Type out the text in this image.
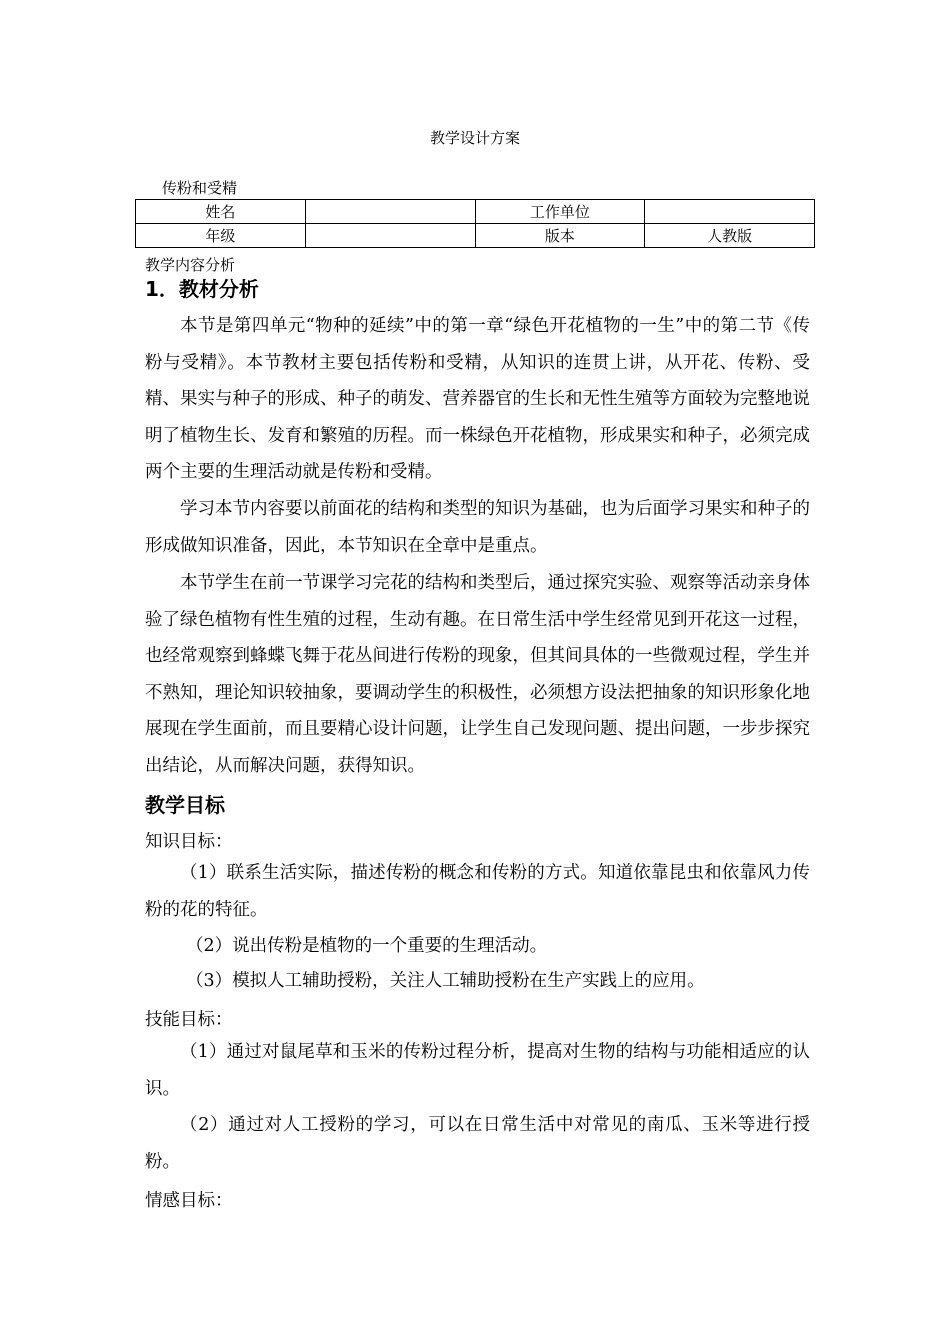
教学设计方案
传粉和受精
姓名		工作单位	
年级		版本	人教版
教学内容分析
1．教材分析

本节是第四单元“物种的延续”中的第一章“绿色开花植物的一生”中的第二节《传粉与受精》。本节教材主要包括传粉和受精，从知识的连贯上讲，从开花、传粉、受精、果实与种子的形成、种子的萌发、营养器官的生长和无性生殖等方面较为完整地说明了植物生长、发育和繁殖的历程。而一株绿色开花植物，形成果实和种子，必须完成两个主要的生理活动就是传粉和受精。

学习本节内容要以前面花的结构和类型的知识为基础，也为后面学习果实和种子的形成做知识准备，因此，本节知识在全章中是重点。

本节学生在前一节课学习完花的结构和类型后，通过探究实验、观察等活动亲身体验了绿色植物有性生殖的过程，生动有趣。在日常生活中学生经常见到开花这一过程，也经常观察到蜂蝶飞舞于花丛间进行传粉的现象，但其间具体的一些微观过程，学生并不熟知，理论知识较抽象，要调动学生的积极性，必须想方设法把抽象的知识形象化地展现在学生面前，而且要精心设计问题，让学生自己发现问题、提出问题，一步步探究出结论，从而解决问题，获得知识。

教学目标
知识目标：

（1）联系生活实际，描述传粉的概念和传粉的方式。知道依靠昆虫和依靠风力传粉的花的特征。

（2）说出传粉是植物的一个重要的生理活动。

（3）模拟人工辅助授粉，关注人工辅助授粉在生产实践上的应用。

技能目标：

（1）通过对鼠尾草和玉米的传粉过程分析，提高对生物的结构与功能相适应的认识。

（2）通过对人工授粉的学习，可以在日常生活中对常见的南瓜、玉米等进行授粉。

情感目标：
